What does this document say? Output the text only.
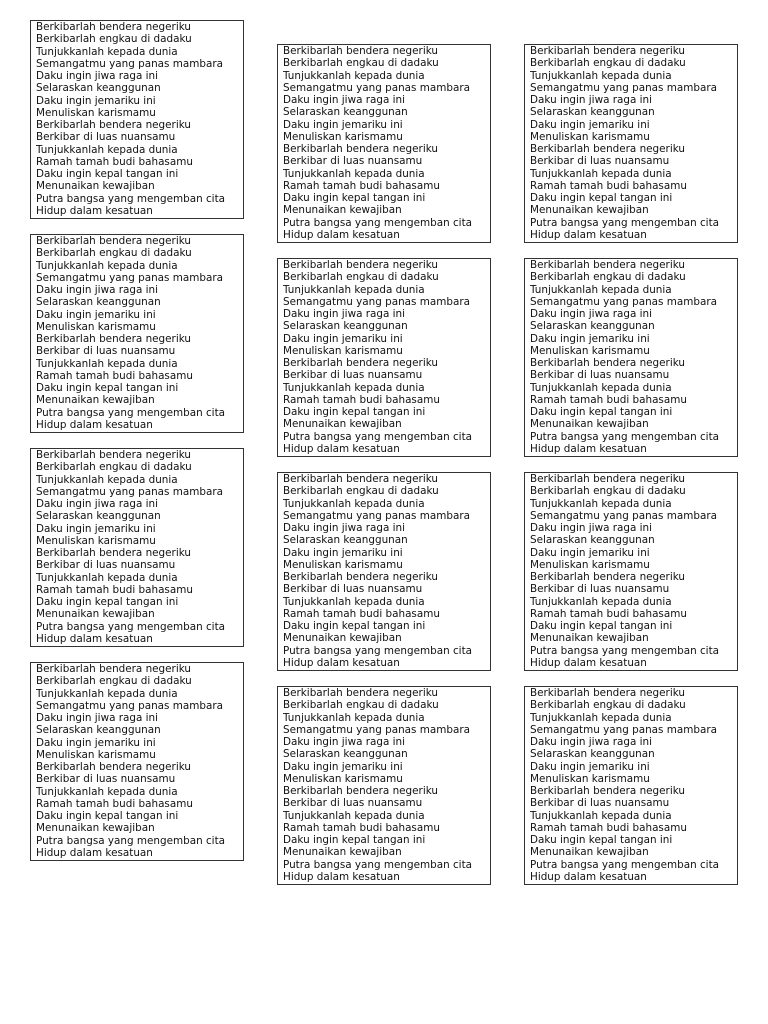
Berkibarlah bendera negeriku
Berkibarlah engkau di dadaku
Tunjukkanlah kepada dunia
Semangatmu yang panas mambara
Daku ingin jiwa raga ini
Selaraskan keanggunan
Daku ingin jemariku ini
Menuliskan karismamu
Berkibarlah bendera negeriku
Berkibar di luas nuansamu
Tunjukkanlah kepada dunia
Ramah tamah budi bahasamu
Daku ingin kepal tangan ini
Menunaikan kewajiban
Putra bangsa yang mengemban cita
Hidup dalam kesatuan
Berkibarlah bendera negeriku
Berkibarlah engkau di dadaku
Tunjukkanlah kepada dunia
Semangatmu yang panas mambara
Daku ingin jiwa raga ini
Selaraskan keanggunan
Daku ingin jemariku ini
Menuliskan karismamu
Berkibarlah bendera negeriku
Berkibar di luas nuansamu
Tunjukkanlah kepada dunia
Ramah tamah budi bahasamu
Daku ingin kepal tangan ini
Menunaikan kewajiban
Putra bangsa yang mengemban cita
Hidup dalam kesatuan
Berkibarlah bendera negeriku
Berkibarlah engkau di dadaku
Tunjukkanlah kepada dunia
Semangatmu yang panas mambara
Daku ingin jiwa raga ini
Selaraskan keanggunan
Daku ingin jemariku ini
Menuliskan karismamu
Berkibarlah bendera negeriku
Berkibar di luas nuansamu
Tunjukkanlah kepada dunia
Ramah tamah budi bahasamu
Daku ingin kepal tangan ini
Menunaikan kewajiban
Putra bangsa yang mengemban cita
Hidup dalam kesatuan
Berkibarlah bendera negeriku
Berkibarlah engkau di dadaku
Tunjukkanlah kepada dunia
Semangatmu yang panas mambara
Daku ingin jiwa raga ini
Selaraskan keanggunan
Daku ingin jemariku ini
Menuliskan karismamu
Berkibarlah bendera negeriku
Berkibar di luas nuansamu
Tunjukkanlah kepada dunia
Ramah tamah budi bahasamu
Daku ingin kepal tangan ini
Menunaikan kewajiban
Putra bangsa yang mengemban cita
Hidup dalam kesatuan
Berkibarlah bendera negeriku
Berkibarlah engkau di dadaku
Tunjukkanlah kepada dunia
Semangatmu yang panas mambara
Daku ingin jiwa raga ini
Selaraskan keanggunan
Daku ingin jemariku ini
Menuliskan karismamu
Berkibarlah bendera negeriku
Berkibar di luas nuansamu
Tunjukkanlah kepada dunia
Ramah tamah budi bahasamu
Daku ingin kepal tangan ini
Menunaikan kewajiban
Putra bangsa yang mengemban cita
Hidup dalam kesatuan
Berkibarlah bendera negeriku
Berkibarlah engkau di dadaku
Tunjukkanlah kepada dunia
Semangatmu yang panas mambara
Daku ingin jiwa raga ini
Selaraskan keanggunan
Daku ingin jemariku ini
Menuliskan karismamu
Berkibarlah bendera negeriku
Berkibar di luas nuansamu
Tunjukkanlah kepada dunia
Ramah tamah budi bahasamu
Daku ingin kepal tangan ini
Menunaikan kewajiban
Putra bangsa yang mengemban cita
Hidup dalam kesatuan
Berkibarlah bendera negeriku
Berkibarlah engkau di dadaku
Tunjukkanlah kepada dunia
Semangatmu yang panas mambara
Daku ingin jiwa raga ini
Selaraskan keanggunan
Daku ingin jemariku ini
Menuliskan karismamu
Berkibarlah bendera negeriku
Berkibar di luas nuansamu
Tunjukkanlah kepada dunia
Ramah tamah budi bahasamu
Daku ingin kepal tangan ini
Menunaikan kewajiban
Putra bangsa yang mengemban cita
Hidup dalam kesatuan
Berkibarlah bendera negeriku
Berkibarlah engkau di dadaku
Tunjukkanlah kepada dunia
Semangatmu yang panas mambara
Daku ingin jiwa raga ini
Selaraskan keanggunan
Daku ingin jemariku ini
Menuliskan karismamu
Berkibarlah bendera negeriku
Berkibar di luas nuansamu
Tunjukkanlah kepada dunia
Ramah tamah budi bahasamu
Daku ingin kepal tangan ini
Menunaikan kewajiban
Putra bangsa yang mengemban cita
Hidup dalam kesatuan
Berkibarlah bendera negeriku
Berkibarlah engkau di dadaku
Tunjukkanlah kepada dunia
Semangatmu yang panas mambara
Daku ingin jiwa raga ini
Selaraskan keanggunan
Daku ingin jemariku ini
Menuliskan karismamu
Berkibarlah bendera negeriku
Berkibar di luas nuansamu
Tunjukkanlah kepada dunia
Ramah tamah budi bahasamu
Daku ingin kepal tangan ini
Menunaikan kewajiban
Putra bangsa yang mengemban cita
Hidup dalam kesatuan
Berkibarlah bendera negeriku
Berkibarlah engkau di dadaku
Tunjukkanlah kepada dunia
Semangatmu yang panas mambara
Daku ingin jiwa raga ini
Selaraskan keanggunan
Daku ingin jemariku ini
Menuliskan karismamu
Berkibarlah bendera negeriku
Berkibar di luas nuansamu
Tunjukkanlah kepada dunia
Ramah tamah budi bahasamu
Daku ingin kepal tangan ini
Menunaikan kewajiban
Putra bangsa yang mengemban cita
Hidup dalam kesatuan
Berkibarlah bendera negeriku
Berkibarlah engkau di dadaku
Tunjukkanlah kepada dunia
Semangatmu yang panas mambara
Daku ingin jiwa raga ini
Selaraskan keanggunan
Daku ingin jemariku ini
Menuliskan karismamu
Berkibarlah bendera negeriku
Berkibar di luas nuansamu
Tunjukkanlah kepada dunia
Ramah tamah budi bahasamu
Daku ingin kepal tangan ini
Menunaikan kewajiban
Putra bangsa yang mengemban cita
Hidup dalam kesatuan
Berkibarlah bendera negeriku
Berkibarlah engkau di dadaku
Tunjukkanlah kepada dunia
Semangatmu yang panas mambara
Daku ingin jiwa raga ini
Selaraskan keanggunan
Daku ingin jemariku ini
Menuliskan karismamu
Berkibarlah bendera negeriku
Berkibar di luas nuansamu
Tunjukkanlah kepada dunia
Ramah tamah budi bahasamu
Daku ingin kepal tangan ini
Menunaikan kewajiban
Putra bangsa yang mengemban cita
Hidup dalam kesatuan
